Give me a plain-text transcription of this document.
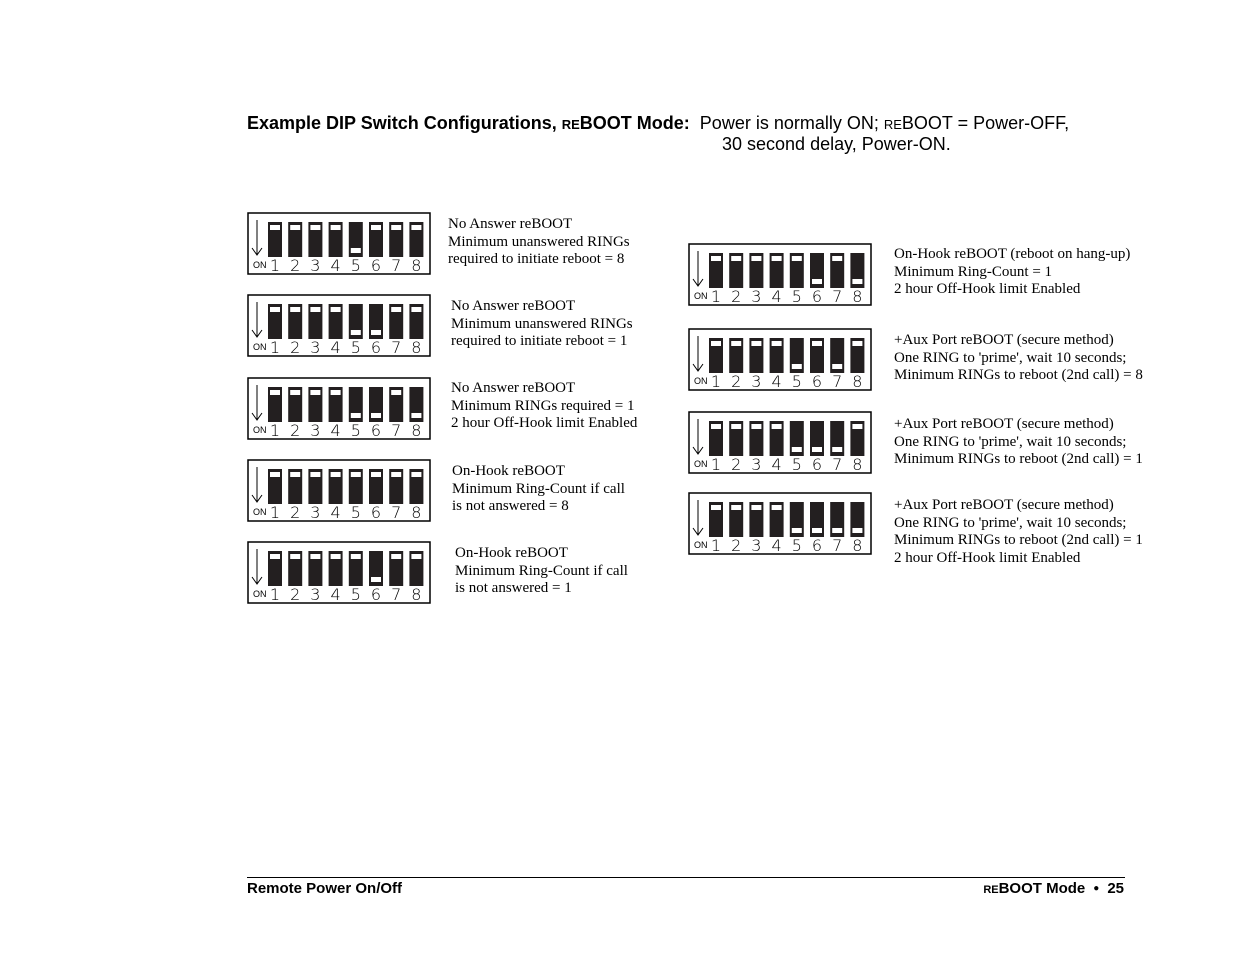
Example DIP Switch Configurations, REBOOT Mode: Power is normally ON; REBOOT = Power-OFF,
30 second delay, Power-ON.
ON 1 2 3 4 5 6 7 8
No Answer reBOOT
Minimum unanswered RINGs
required to initiate reboot = 8
ON 1 2 3 4 5 6 7 8
No Answer reBOOT
Minimum unanswered RINGs
required to initiate reboot = 1
ON 1 2 3 4 5 6 7 8
No Answer reBOOT
Minimum RINGs required = 1
2 hour Off-Hook limit Enabled
ON 1 2 3 4 5 6 7 8
On-Hook reBOOT
Minimum Ring-Count if call
is not answered = 8
ON 1 2 3 4 5 6 7 8
On-Hook reBOOT
Minimum Ring-Count if call
is not answered = 1
ON 1 2 3 4 5 6 7 8
On-Hook reBOOT (reboot on hang-up)
Minimum Ring-Count = 1
2 hour Off-Hook limit Enabled
ON 1 2 3 4 5 6 7 8
+Aux Port reBOOT (secure method)
One RING to 'prime', wait 10 seconds;
Minimum RINGs to reboot (2nd call) = 8
ON 1 2 3 4 5 6 7 8
+Aux Port reBOOT (secure method)
One RING to 'prime', wait 10 seconds;
Minimum RINGs to reboot (2nd call) = 1
ON 1 2 3 4 5 6 7 8
+Aux Port reBOOT (secure method)
One RING to 'prime', wait 10 seconds;
Minimum RINGs to reboot (2nd call) = 1
2 hour Off-Hook limit Enabled
Remote Power On/Off	REBOOT Mode ● 25
